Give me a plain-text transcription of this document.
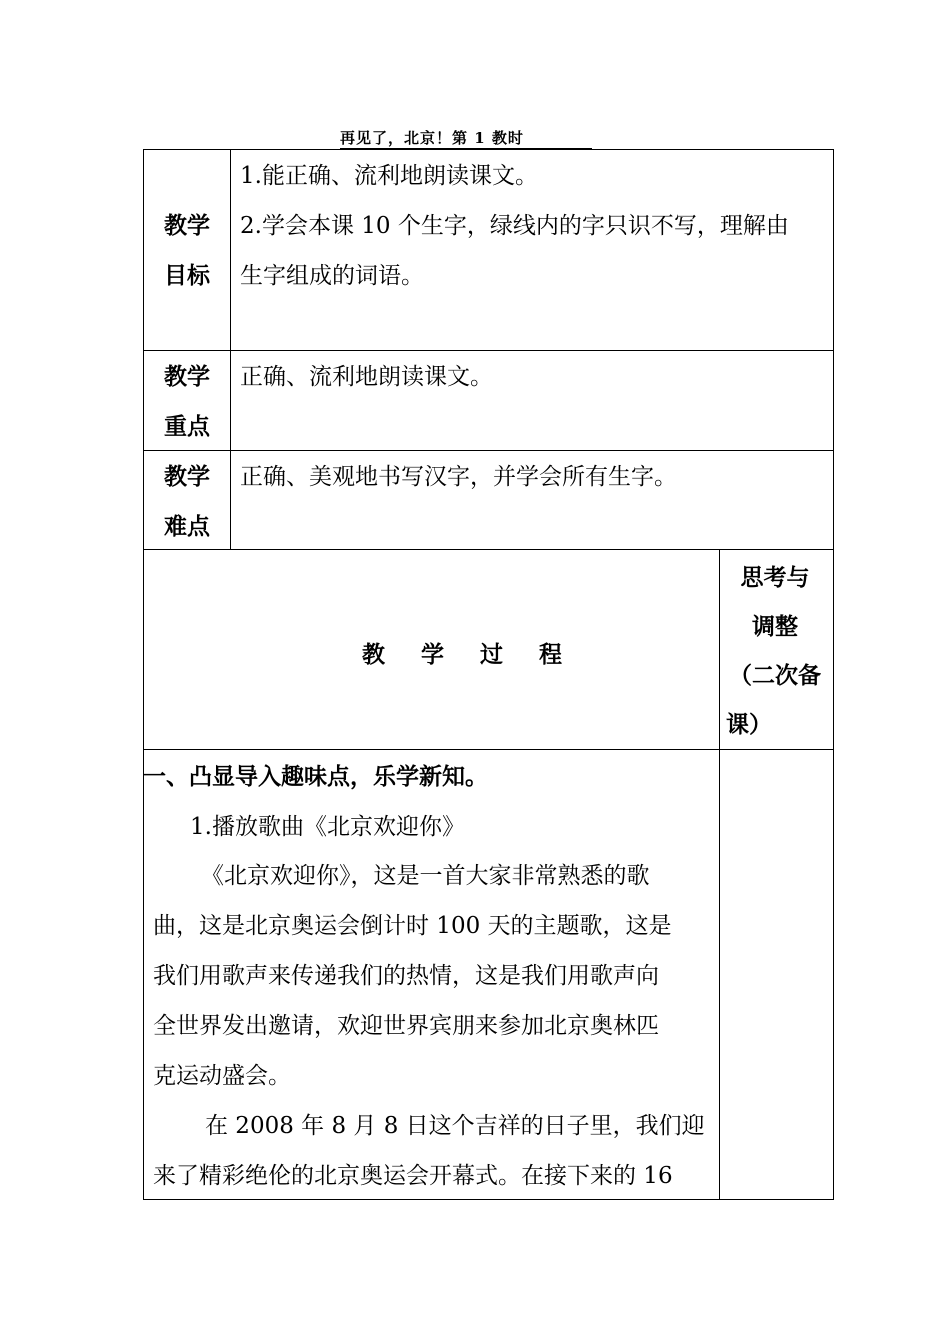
再见了，北京！第 1 教时
教学
目标
1.能正确、流利地朗读课文。
2.学会本课 10 个生字，绿线内的字只识不写，理解由
生字组成的词语。
教学
重点
正确、流利地朗读课文。
教学
难点
正确、美观地书写汉字，并学会所有生字。
教 学 过 程
思考与
调整
（二次备
课）
一、凸显导入趣味点，乐学新知。
1.播放歌曲《北京欢迎你》
《北京欢迎你》，这是一首大家非常熟悉的歌
曲，这是北京奥运会倒计时 100 天的主题歌，这是
我们用歌声来传递我们的热情，这是我们用歌声向
全世界发出邀请，欢迎世界宾朋来参加北京奥林匹
克运动盛会。
在 2008 年 8 月 8 日这个吉祥的日子里，我们迎
来了精彩绝伦的北京奥运会开幕式。在接下来的 16
